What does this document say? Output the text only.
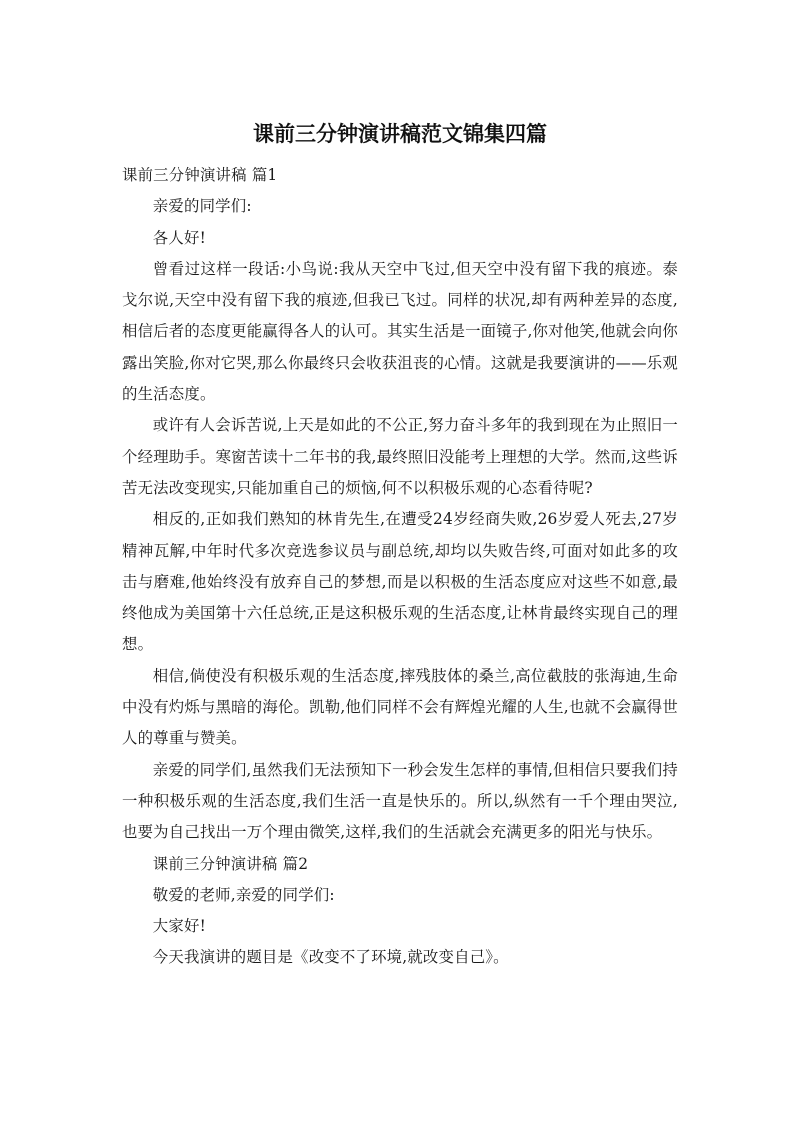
课前三分钟演讲稿范文锦集四篇

课前三分钟演讲稿 篇1

亲爱的同学们:

各人好!

曾看过这样一段话:小鸟说:我从天空中飞过,但天空中没有留下我的痕迹。泰戈尔说,天空中没有留下我的痕迹,但我已飞过。同样的状况,却有两种差异的态度,相信后者的态度更能赢得各人的认可。其实生活是一面镜子,你对他笑,他就会向你露出笑脸,你对它哭,那么你最终只会收获沮丧的心情。这就是我要演讲的——乐观的生活态度。

或许有人会诉苦说,上天是如此的不公正,努力奋斗多年的我到现在为止照旧一个经理助手。寒窗苦读十二年书的我,最终照旧没能考上理想的大学。然而,这些诉苦无法改变现实,只能加重自己的烦恼,何不以积极乐观的心态看待呢?

相反的,正如我们熟知的林肯先生,在遭受24岁经商失败,26岁爱人死去,27岁精神瓦解,中年时代多次竞选参议员与副总统,却均以失败告终,可面对如此多的攻击与磨难,他始终没有放弃自己的梦想,而是以积极的生活态度应对这些不如意,最终他成为美国第十六任总统,正是这积极乐观的生活态度,让林肯最终实现自己的理想。

相信,倘使没有积极乐观的生活态度,摔残肢体的桑兰,高位截肢的张海迪,生命中没有灼烁与黑暗的海伦。凯勒,他们同样不会有辉煌光耀的人生,也就不会赢得世人的尊重与赞美。

亲爱的同学们,虽然我们无法预知下一秒会发生怎样的事情,但相信只要我们持一种积极乐观的生活态度,我们生活一直是快乐的。所以,纵然有一千个理由哭泣,也要为自己找出一万个理由微笑,这样,我们的生活就会充满更多的阳光与快乐。

课前三分钟演讲稿 篇2

敬爱的老师,亲爱的同学们:

大家好!

今天我演讲的题目是《改变不了环境,就改变自己》。
